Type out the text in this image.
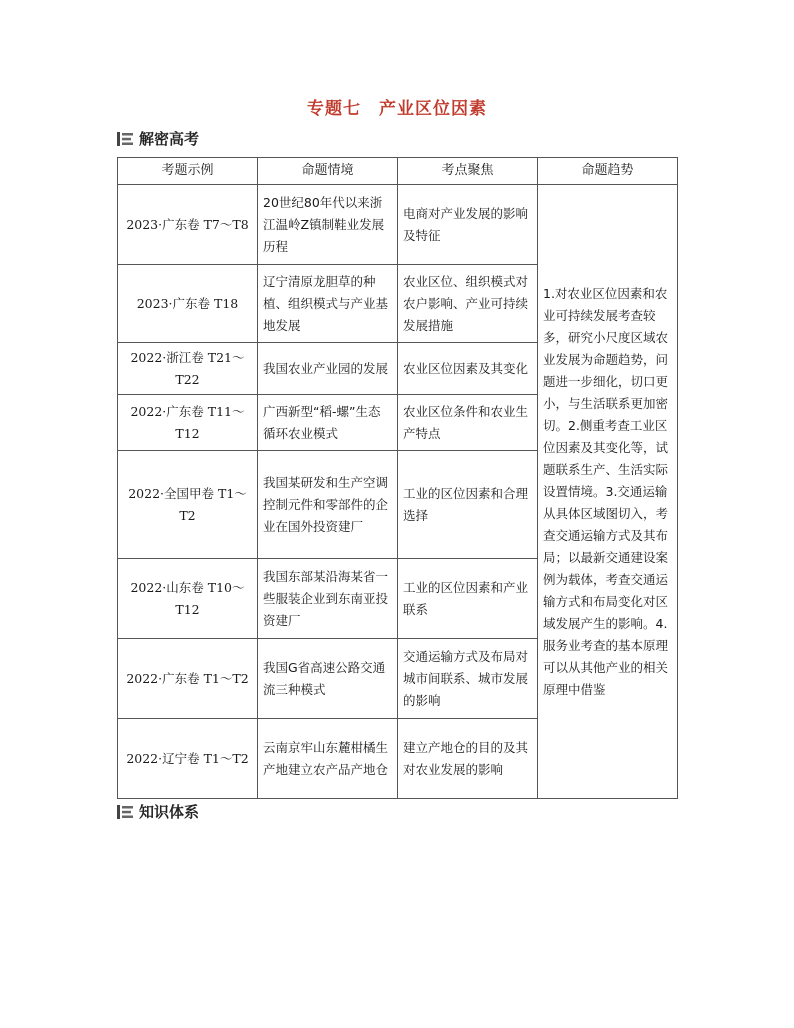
专题七　产业区位因素
解密高考
考题示例	命题情境	考点聚焦	命题趋势
2023·广东卷 T7～T8	20世纪80年代以来浙江温岭Z镇制鞋业发展历程	电商对产业发展的影响及特征	1.对农业区位因素和农业可持续发展考查较多，研究小尺度区域农业发展为命题趋势，问题进一步细化，切口更小，与生活联系更加密切。2.侧重考查工业区位因素及其变化等，试题联系生产、生活实际设置情境。3.交通运输从具体区域图切入，考查交通运输方式及其布局；以最新交通建设案例为载体，考查交通运输方式和布局变化对区域发展产生的影响。4.服务业考查的基本原理可以从其他产业的相关原理中借鉴
2023·广东卷 T18	辽宁清原龙胆草的种植、组织模式与产业基地发展	农业区位、组织模式对农户影响、产业可持续发展措施	
2022·浙江卷 T21～T22	我国农业产业园的发展	农业区位因素及其变化	
2022·广东卷 T11～T12	广西新型“稻-螺”生态循环农业模式	农业区位条件和农业生产特点	
2022·全国甲卷 T1～T2	我国某研发和生产空调控制元件和零部件的企业在国外投资建厂	工业的区位因素和合理选择	
2022·山东卷 T10～T12	我国东部某沿海某省一些服装企业到东南亚投资建厂	工业的区位因素和产业联系	
2022·广东卷 T1～T2	我国G省高速公路交通流三种模式	交通运输方式及布局对城市间联系、城市发展的影响	
2022·辽宁卷 T1～T2	云南京牢山东麓柑橘生产地建立农产品产地仓	建立产地仓的目的及其对农业发展的影响	
知识体系
